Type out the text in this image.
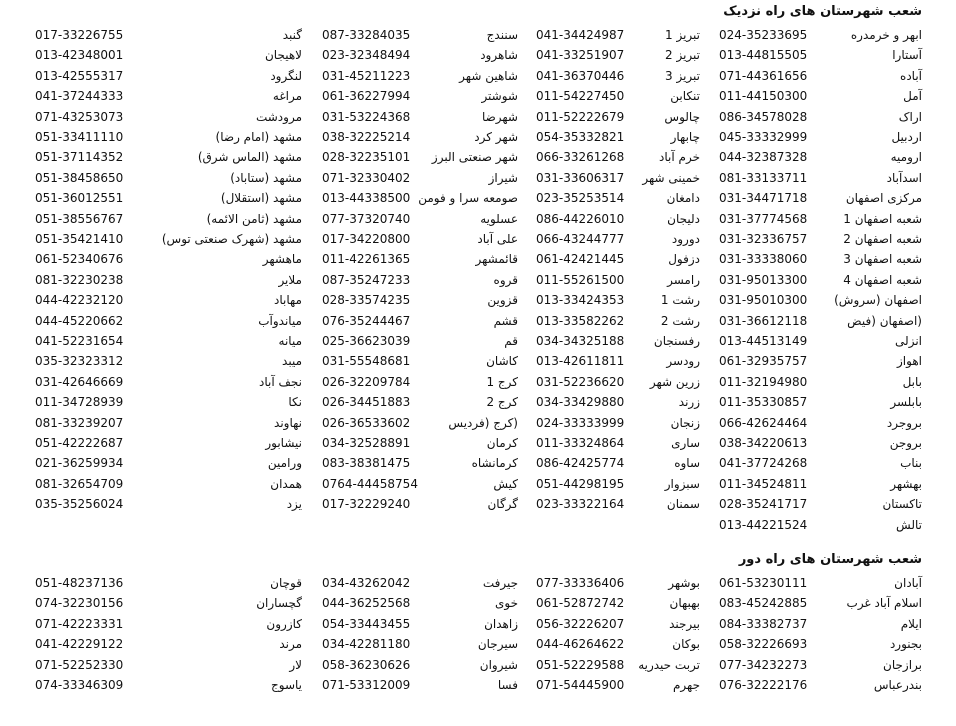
شعب شهرستان های راه نزدیک
024-35233695	ابهر و خرمدره
013-44815505	آستارا
071-44361656	آباده
011-44150300	آمل
086-34578028	اراک
045-33332999	اردبیل
044-32387328	ارومیه
081-33133711	اسدآباد
031-34471718	مرکزی اصفهان
031-37774568	شعبه اصفهان 1
031-32336757	شعبه اصفهان 2
031-33338060	شعبه اصفهان 3
031-95013300	شعبه اصفهان 4
031-95010300 اصفهان (سروش)
031-36612118	(اصفهان (فیض
013-44513149	انزلی
061-32935757	اهواز
011-32194980	بابل
011-35330857	بابلسر
066-42624464	بروجرد
038-34220613	بروجن
041-37724268	بناب
011-34524811	بهشهر
028-35241717	تاکستان
013-44221524	تالش
041-34424987	تبریز 1
041-33251907	تبریز 2
041-36370446	تبریز 3
011-54227450	تنکابن
011-52222679	چالوس
054-35332821	چابهار
066-33261268	خرم آباد
031-33606317 خمینی شهر
023-35253514	دامغان
086-44226010	دلیجان
066-43244777	دورود
061-42421445	دزفول
011-55261500	رامسر
013-33424353	رشت 1
013-33582262	رشت 2
034-34325188 رفسنجان
013-42611811	رودسر
031-52236620 زرین شهر
034-33429880	زرند
024-33333999	زنجان
011-33324864	ساری
086-42425774	ساوه
051-44298195	سبزوار
023-33322164	سمنان
087-33284035	سنندج
023-32348494	شاهرود
031-45211223	شاهین شهر
061-36227994	شوشتر
031-53224368	شهرضا
038-32225214	شهر کرد
028-32235101 شهر صنعتی البرز
071-32330402	شیراز
013-44338500 صومعه سرا و فومن
077-37320740	عسلویه
017-34220800	علی آباد
011-42261365	قائمشهر
087-35247233	قروه
028-33574235	قزوین
076-35244467	قشم
025-36623039	قم
031-55548681	کاشان
026-32209784	کرج 1
026-34451883	کرج 2
026-36533602	(کرج (فردیس
034-32528891	کرمان
083-38381475	کرمانشاه
0764-44458754	کیش
017-32229240	گرگان
017-33226755	گنبد
013-42348001	لاهیجان
013-42555317	لنگرود
041-37244333	مراغه
071-43253073	مرودشت
051-33411110	مشهد (امام رضا)
051-37114352	مشهد (الماس شرق)
051-38458650	مشهد (ستاباد)
051-36012551	مشهد (استقلال)
051-38556767	مشهد (ثامن الائمه)
051-35421410	مشهد (شهرک صنعتی توس)
061-52340676	ماهشهر
081-32230238	ملایر
044-42232120	مهاباد
044-45220662	میاندوآب
041-52231654	میانه
035-32323312	میبد
031-42646669	نجف آباد
011-34728939	نکا
081-33239207	نهاوند
051-42222687	نیشابور
021-36259934	ورامین
081-32654709	همدان
035-35256024	یزد
شعب شهرستان های راه دور
061-53230111	آبادان
083-45242885	اسلام آباد غرب
084-33382737	ایلام
058-32226693	بجنورد
077-34232273	برازجان
076-32222176	بندرعباس
077-33336406	بوشهر
061-52872742	بهبهان
056-32226207	بیرجند
044-46264622	بوکان
051-52229588 تربت حیدریه
071-54445900	جهرم
034-43262042	جیرفت
044-36252568	خوی
054-33443455	زاهدان
034-42281180	سیرجان
058-36230626	شیروان
071-53312009	فسا
051-48237136	قوچان
074-32230156	گچساران
071-42223331	کازرون
041-42229122	مرند
071-52252330	لار
074-33346309	یاسوج
